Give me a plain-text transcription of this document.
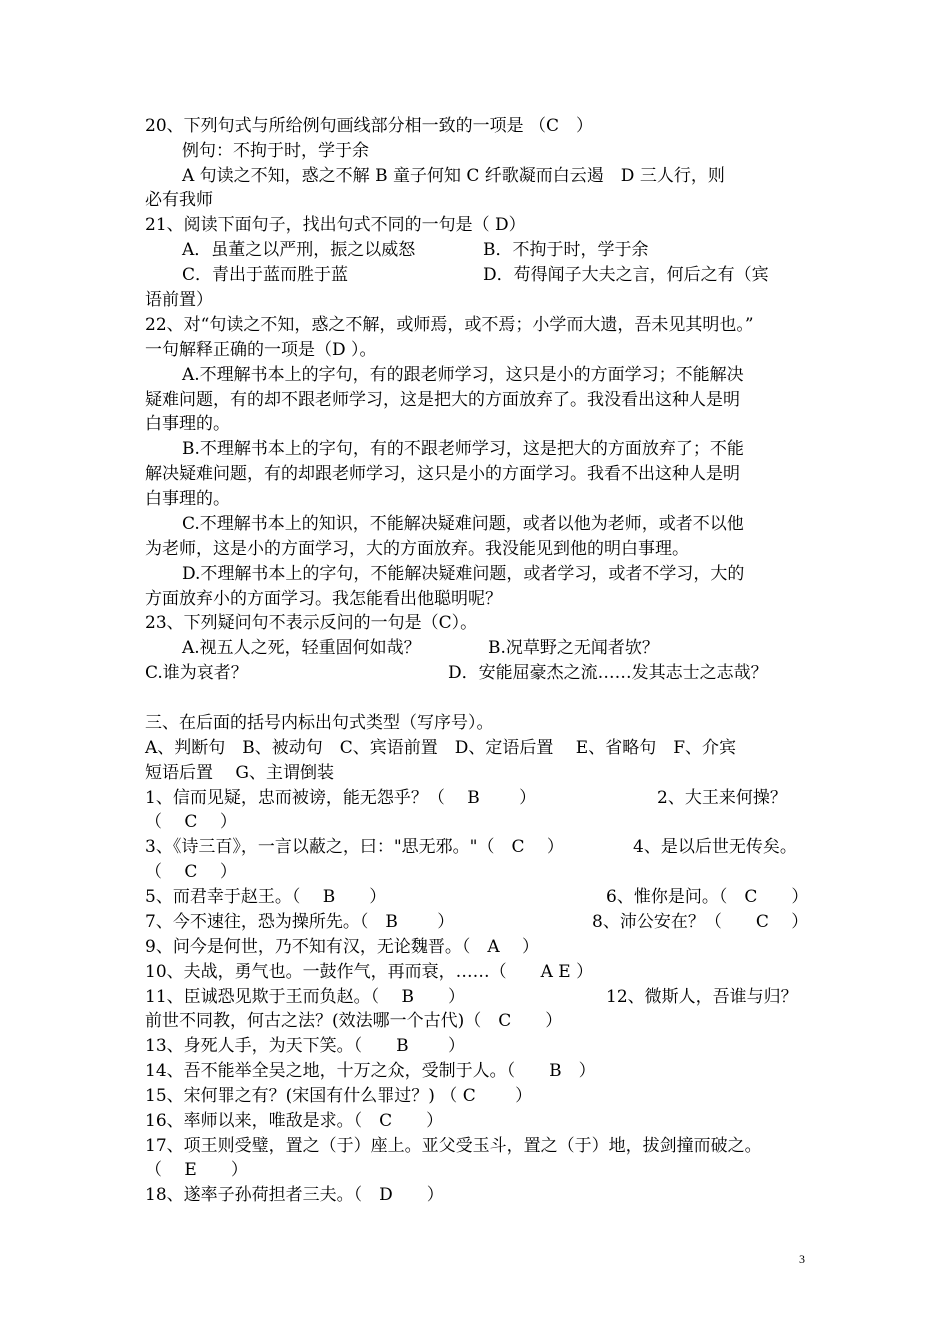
20、下列句式与所给例句画线部分相一致的一项是 （C　）
例句：不拘于时，学于余
A 句读之不知，惑之不解 B 童子何知 C 纤歌凝而白云遏　D 三人行，则
必有我师
21、阅读下面句子，找出句式不同的一句是（ D）
A．虽董之以严刑，振之以威怒	B．不拘于时，学于余
C．青出于蓝而胜于蓝	D．苟得闻子大夫之言，何后之有（宾
语前置）
22、对“句读之不知，惑之不解，或师焉，或不焉；小学而大遗，吾未见其明也。”
一句解释正确的一项是（D ）。
A.不理解书本上的字句，有的跟老师学习，这只是小的方面学习；不能解决
疑难问题，有的却不跟老师学习，这是把大的方面放弃了。我没看出这种人是明
白事理的。
B.不理解书本上的字句，有的不跟老师学习，这是把大的方面放弃了；不能
解决疑难问题，有的却跟老师学习，这只是小的方面学习。我看不出这种人是明
白事理的。
C.不理解书本上的知识，不能解决疑难问题，或者以他为老师，或者不以他
为老师，这是小的方面学习，大的方面放弃。我没能见到他的明白事理。
D.不理解书本上的字句，不能解决疑难问题，或者学习，或者不学习，大的
方面放弃小的方面学习。我怎能看出他聪明呢？
23、下列疑问句不表示反问的一句是（C）。
A.视五人之死，轻重固何如哉？	B.况草野之无闻者欤？
C.谁为哀者？	D．安能屈豪杰之流……发其志士之志哉？
三、在后面的括号内标出句式类型（写序号）。
A、判断句　B、被动句　C、宾语前置　D、定语后置　 E、省略句　F、介宾
短语后置　 G、主谓倒装
1、信而见疑，忠而被谤，能无怨乎？（　 B　　 ）	2、大王来何操？
（　 C　 ）
3、《诗三百》，一言以蔽之，曰："思无邪。"（　C　 ）	4、是以后世无传矣。
（　 C　 ）
5、而君幸于赵王。（　 B　　）	6、惟你是问。（　C　　）
7、今不速往，恐为操所先。（　B　　 ）	8、沛公安在？（　　C　 ）
9、问今是何世，乃不知有汉，无论魏晋。（　A　 ）
10、夫战，勇气也。一鼓作气，再而衰，……（　　A E ）
11、臣诚恐见欺于王而负赵。（　 B　　）	12、微斯人，吾谁与归？
前世不同教，何古之法？(效法哪一个古代)（　C　　）
13、身死人手，为天下笑。（　　B　　 ）
14、吾不能举全吴之地，十万之众，受制于人。（　　B　）
15、宋何罪之有？(宋国有什么罪过？) （ C　　 ）
16、率师以来，唯敌是求。（　C　　）
17、项王则受璧，置之（于）座上。亚父受玉斗，置之（于）地，拔剑撞而破之。
（　 E　　）
18、遂率子孙荷担者三夫。（　D　　）
3
